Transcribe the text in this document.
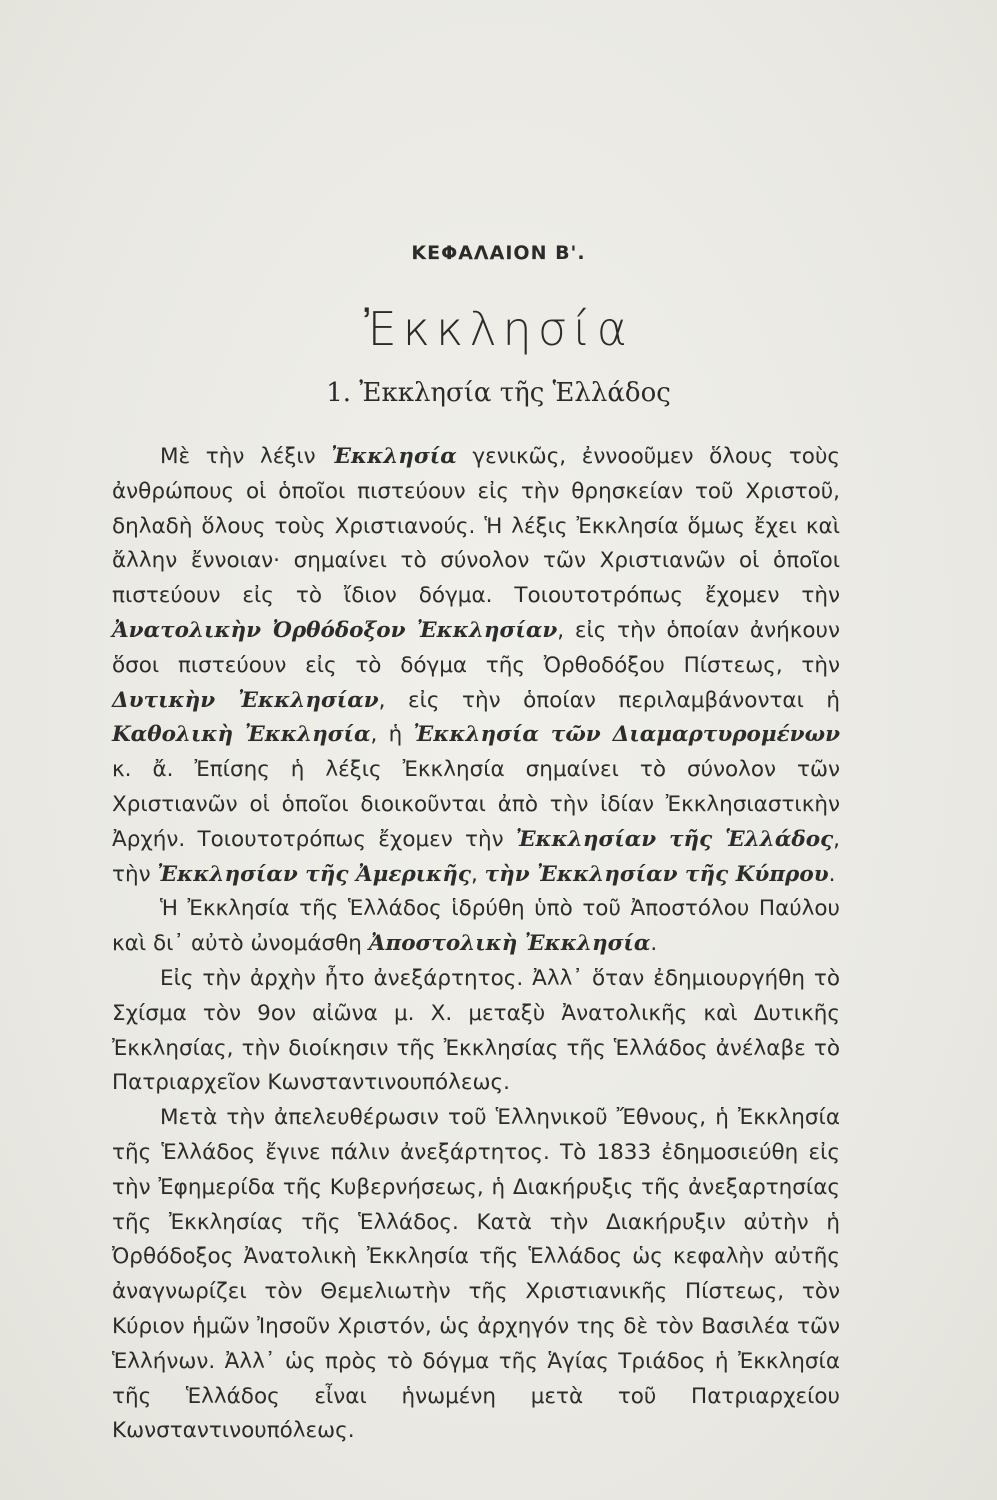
ΚΕΦΑΛΑΙΟΝ Β'.
Ἐκκλησία
1. Ἐκκλησία τῆς Ἑλλάδος

Μὲ τὴν λέξιν Ἐκκλησία γενικῶς, ἐννοοῦμεν ὅλους τοὺς ἀνθρώπους οἱ ὁποῖοι πιστεύουν εἰς τὴν θρησκείαν τοῦ Χριστοῦ, δηλαδὴ ὅλους τοὺς Χριστιανούς. Ἡ λέξις Ἐκκλησία ὅμως ἔχει καὶ ἄλλην ἔννοιαν· σημαίνει τὸ σύνολον τῶν Χριστιανῶν οἱ ὁποῖοι πιστεύουν εἰς τὸ ἴδιον δόγμα. Τοιουτοτρόπως ἔχομεν τὴν Ἀνατολικὴν Ὀρθόδοξον Ἐκκλησίαν, εἰς τὴν ὁποίαν ἀνήκουν ὅσοι πιστεύουν εἰς τὸ δόγμα τῆς Ὀρθοδόξου Πίστεως, τὴν Δυτικὴν Ἐκκλησίαν, εἰς τὴν ὁποίαν περιλαμβάνονται ἡ Καθολικὴ Ἐκκλησία, ἡ Ἐκκλησία τῶν Διαμαρτυρομένων κ. ἄ. Ἐπίσης ἡ λέξις Ἐκκλησία σημαίνει τὸ σύνολον τῶν Χριστιανῶν οἱ ὁποῖοι διοικοῦνται ἀπὸ τὴν ἰδίαν Ἐκκλησιαστικὴν Ἀρχήν. Τοιουτοτρόπως ἔχομεν τὴν Ἐκκλησίαν τῆς Ἑλλάδος, τὴν Ἐκκλησίαν τῆς Ἀμερικῆς, τὴν Ἐκκλησίαν τῆς Κύπρου.

Ἡ Ἐκκλησία τῆς Ἑλλάδος ἱδρύθη ὑπὸ τοῦ Ἀποστόλου Παύλου καὶ δι᾽ αὐτὸ ὠνομάσθη Ἀποστολικὴ Ἐκκλησία.

Εἰς τὴν ἀρχὴν ἦτο ἀνεξάρτητος. Ἀλλ᾽ ὅταν ἐδημιουργήθη τὸ Σχίσμα τὸν 9ον αἰῶνα μ. Χ. μεταξὺ Ἀνατολικῆς καὶ Δυτικῆς Ἐκκλησίας, τὴν διοίκησιν τῆς Ἐκκλησίας τῆς Ἑλλάδος ἀνέλαβε τὸ Πατριαρχεῖον Κωνσταντινουπόλεως.

Μετὰ τὴν ἀπελευθέρωσιν τοῦ Ἑλληνικοῦ Ἔθνους, ἡ Ἐκκλησία τῆς Ἑλλάδος ἔγινε πάλιν ἀνεξάρτητος. Τὸ 1833 ἐδημοσιεύθη εἰς τὴν Ἐφημερίδα τῆς Κυβερνήσεως, ἡ Διακήρυξις τῆς ἀνεξαρτησίας τῆς Ἐκκλησίας τῆς Ἑλλάδος. Κατὰ τὴν Διακήρυξιν αὐτὴν ἡ Ὀρθόδοξος Ἀνατολικὴ Ἐκκλησία τῆς Ἑλλάδος ὡς κεφαλὴν αὐτῆς ἀναγνωρίζει τὸν Θεμελιωτὴν τῆς Χριστιανικῆς Πίστεως, τὸν Κύριον ἡμῶν Ἰησοῦν Χριστόν, ὡς ἀρχηγόν της δὲ τὸν Βασιλέα τῶν Ἑλλήνων. Ἀλλ᾽ ὡς πρὸς τὸ δόγμα τῆς Ἁγίας Τριάδος ἡ Ἐκκλησία τῆς Ἑλλάδος εἶναι ἡνωμένη μετὰ τοῦ Πατριαρχείου Κωνσταντινουπόλεως.
